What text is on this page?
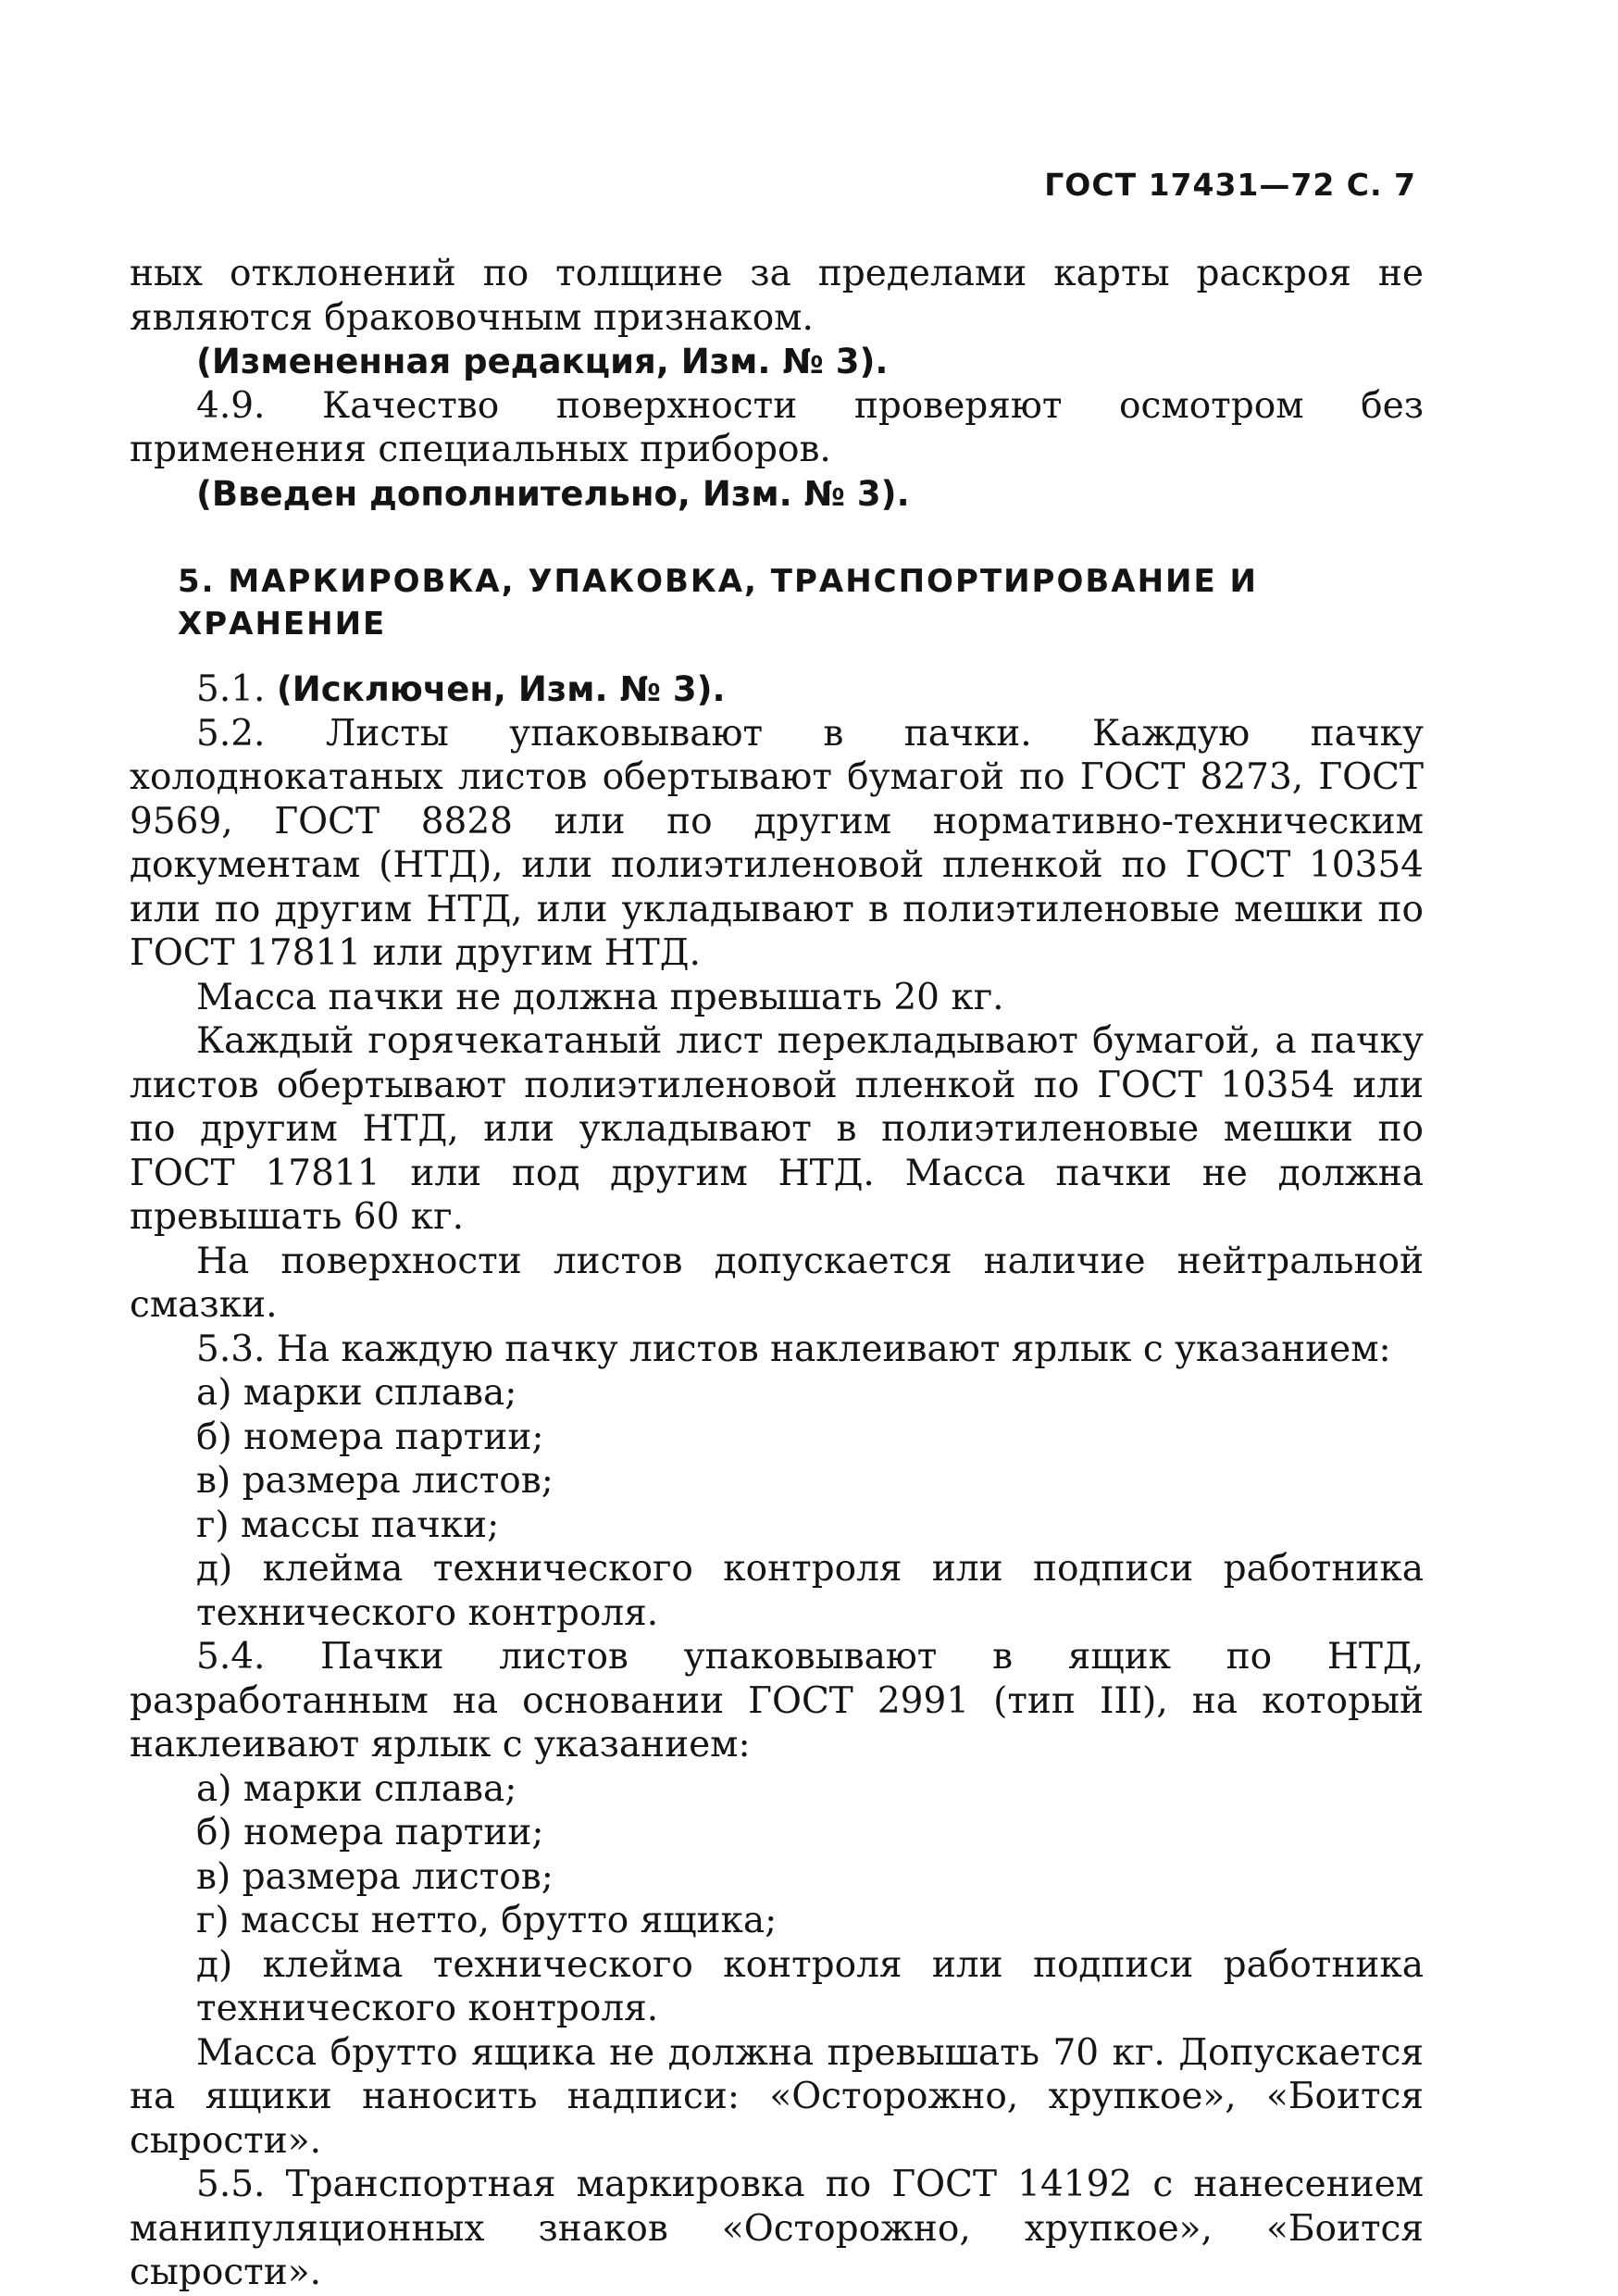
ГОСТ 17431—72 С. 7

ных отклонений по толщине за пределами карты раскроя не являются браковочным признаком.

(Измененная редакция, Изм. № 3).

4.9. Качество поверхности проверяют осмотром без применения специальных приборов.

(Введен дополнительно, Изм. № 3).

5. МАРКИРОВКА, УПАКОВКА, ТРАНСПОРТИРОВАНИЕ И ХРАНЕНИЕ

5.1. (Исключен, Изм. № 3).

5.2. Листы упаковывают в пачки. Каждую пачку холоднокатаных листов обертывают бумагой по ГОСТ 8273, ГОСТ 9569, ГОСТ 8828 или по другим нормативно-техническим документам (НТД), или полиэтиленовой пленкой по ГОСТ 10354 или по другим НТД, или укладывают в полиэтиленовые мешки по ГОСТ 17811 или другим НТД.

Масса пачки не должна превышать 20 кг.

Каждый горячекатаный лист перекладывают бумагой, а пачку листов обертывают полиэтиленовой пленкой по ГОСТ 10354 или по другим НТД, или укладывают в полиэтиленовые мешки по ГОСТ 17811 или под другим НТД. Масса пачки не должна превышать 60 кг.

На поверхности листов допускается наличие нейтральной смазки.

5.3. На каждую пачку листов наклеивают ярлык с указанием:

а) марки сплава;

б) номера партии;

в) размера листов;

г) массы пачки;

д) клейма технического контроля или подписи работника технического контроля.

5.4. Пачки листов упаковывают в ящик по НТД, разработанным на основании ГОСТ 2991 (тип III), на который наклеивают ярлык с указанием:

а) марки сплава;

б) номера партии;

в) размера листов;

г) массы нетто, брутто ящика;

д) клейма технического контроля или подписи работника технического контроля.

Масса брутто ящика не должна превышать 70 кг. Допускается на ящики наносить надписи: «Осторожно, хрупкое», «Боится сырости».

5.5. Транспортная маркировка по ГОСТ 14192 с нанесением манипуляционных знаков «Осторожно, хрупкое», «Боится сырости».
